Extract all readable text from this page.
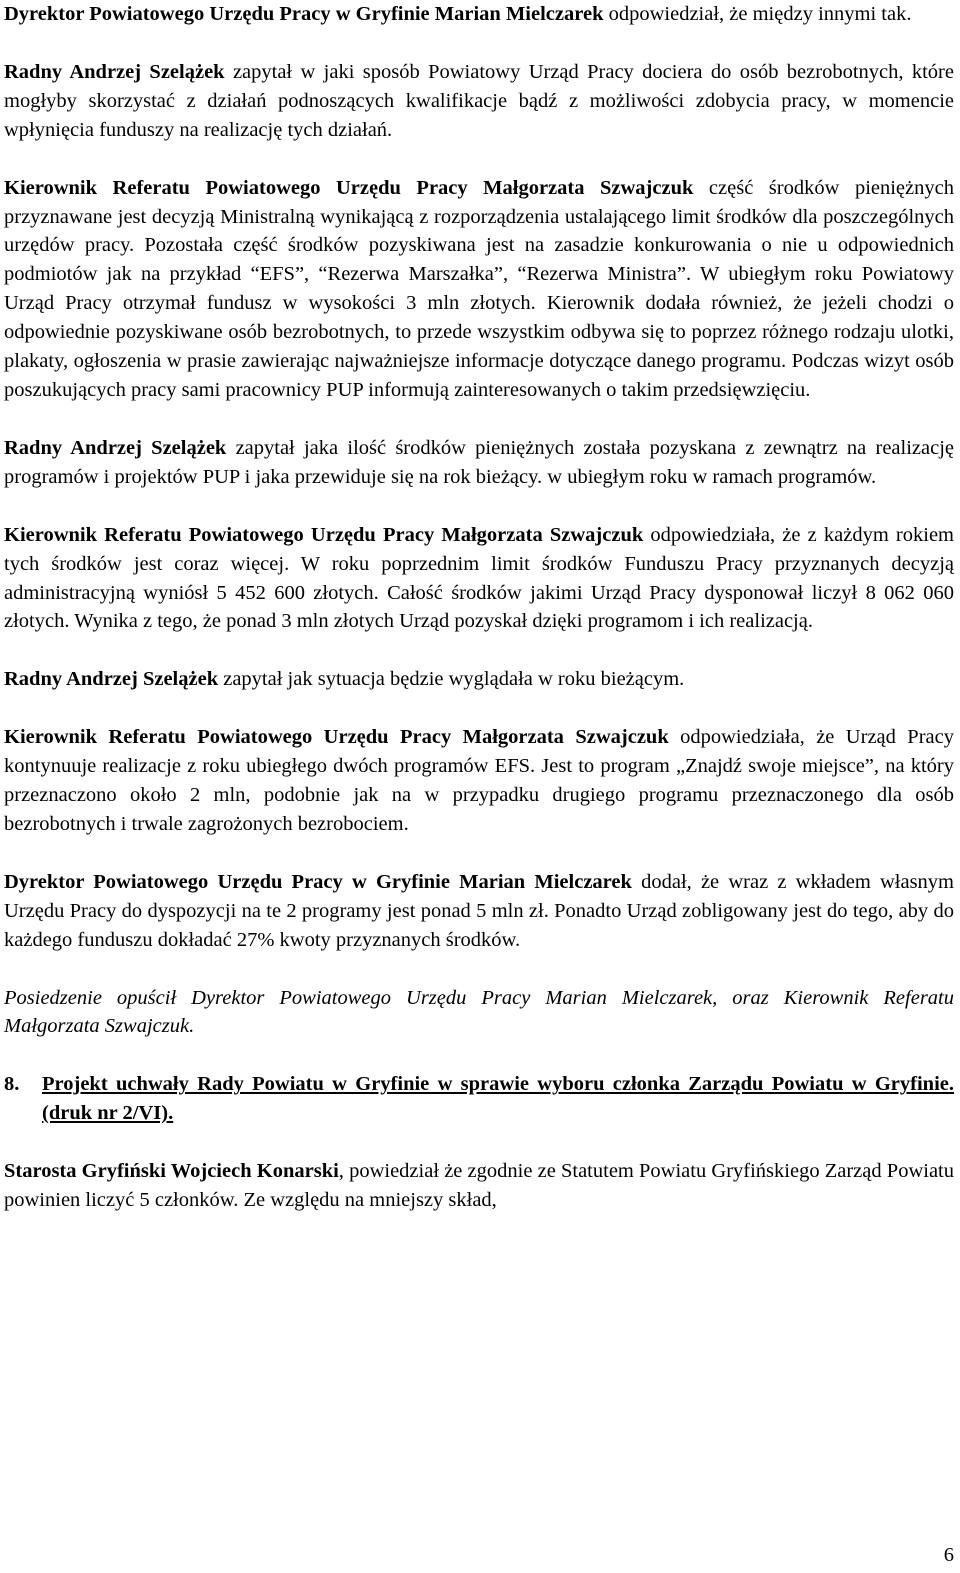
Dyrektor Powiatowego Urzędu Pracy w Gryfinie Marian Mielczarek odpowiedział, że między innymi tak.

Radny Andrzej Szelążek zapytał w jaki sposób Powiatowy Urząd Pracy dociera do osób bezrobotnych, które mogłyby skorzystać z działań podnoszących kwalifikacje bądź z możliwości zdobycia pracy, w momencie wpłynięcia funduszy na realizację tych działań.

Kierownik Referatu Powiatowego Urzędu Pracy Małgorzata Szwajczuk część środków pieniężnych przyznawane jest decyzją Ministralną wynikającą z rozporządzenia ustalającego limit środków dla poszczególnych urzędów pracy. Pozostała część środków pozyskiwana jest na zasadzie konkurowania o nie u odpowiednich podmiotów jak na przykład “EFS”, “Rezerwa Marszałka”, “Rezerwa Ministra”. W ubiegłym roku Powiatowy Urząd Pracy otrzymał fundusz w wysokości 3 mln złotych. Kierownik dodała również, że jeżeli chodzi o odpowiednie pozyskiwane osób bezrobotnych, to przede wszystkim odbywa się to poprzez różnego rodzaju ulotki, plakaty, ogłoszenia w prasie zawierając najważniejsze informacje dotyczące danego programu. Podczas wizyt osób poszukujących pracy sami pracownicy PUP informują zainteresowanych o takim przedsięwzięciu.

Radny Andrzej Szelążek zapytał jaka ilość środków pieniężnych została pozyskana z zewnątrz na realizację programów i projektów PUP i jaka przewiduje się na rok bieżący. w ubiegłym roku w ramach programów.

Kierownik Referatu Powiatowego Urzędu Pracy Małgorzata Szwajczuk odpowiedziała, że z każdym rokiem tych środków jest coraz więcej. W roku poprzednim limit środków Funduszu Pracy przyznanych decyzją administracyjną wyniósł 5 452 600 złotych. Całość środków jakimi Urząd Pracy dysponował liczył 8 062 060 złotych. Wynika z tego, że ponad 3 mln złotych Urząd pozyskał dzięki programom i ich realizacją.

Radny Andrzej Szelążek zapytał jak sytuacja będzie wyglądała w roku bieżącym.

Kierownik Referatu Powiatowego Urzędu Pracy Małgorzata Szwajczuk odpowiedziała, że Urząd Pracy kontynuuje realizacje z roku ubiegłego dwóch programów EFS. Jest to program „Znajdź swoje miejsce”, na który przeznaczono około 2 mln, podobnie jak na w przypadku drugiego programu przeznaczonego dla osób bezrobotnych i trwale zagrożonych bezrobociem.

Dyrektor Powiatowego Urzędu Pracy w Gryfinie Marian Mielczarek dodał, że wraz z wkładem własnym Urzędu Pracy do dyspozycji na te 2 programy jest ponad 5 mln zł. Ponadto Urząd zobligowany jest do tego, aby do każdego funduszu dokładać 27% kwoty przyznanych środków.

Posiedzenie opuścił Dyrektor Powiatowego Urzędu Pracy Marian Mielczarek, oraz Kierownik Referatu Małgorzata Szwajczuk.

8.	Projekt uchwały Rady Powiatu w Gryfinie w sprawie wyboru członka Zarządu Powiatu w Gryfinie. (druk nr 2/VI).

Starosta Gryfiński Wojciech Konarski, powiedział że zgodnie ze Statutem Powiatu Gryfińskiego Zarząd Powiatu powinien liczyć 5 członków. Ze względu na mniejszy skład,

6
